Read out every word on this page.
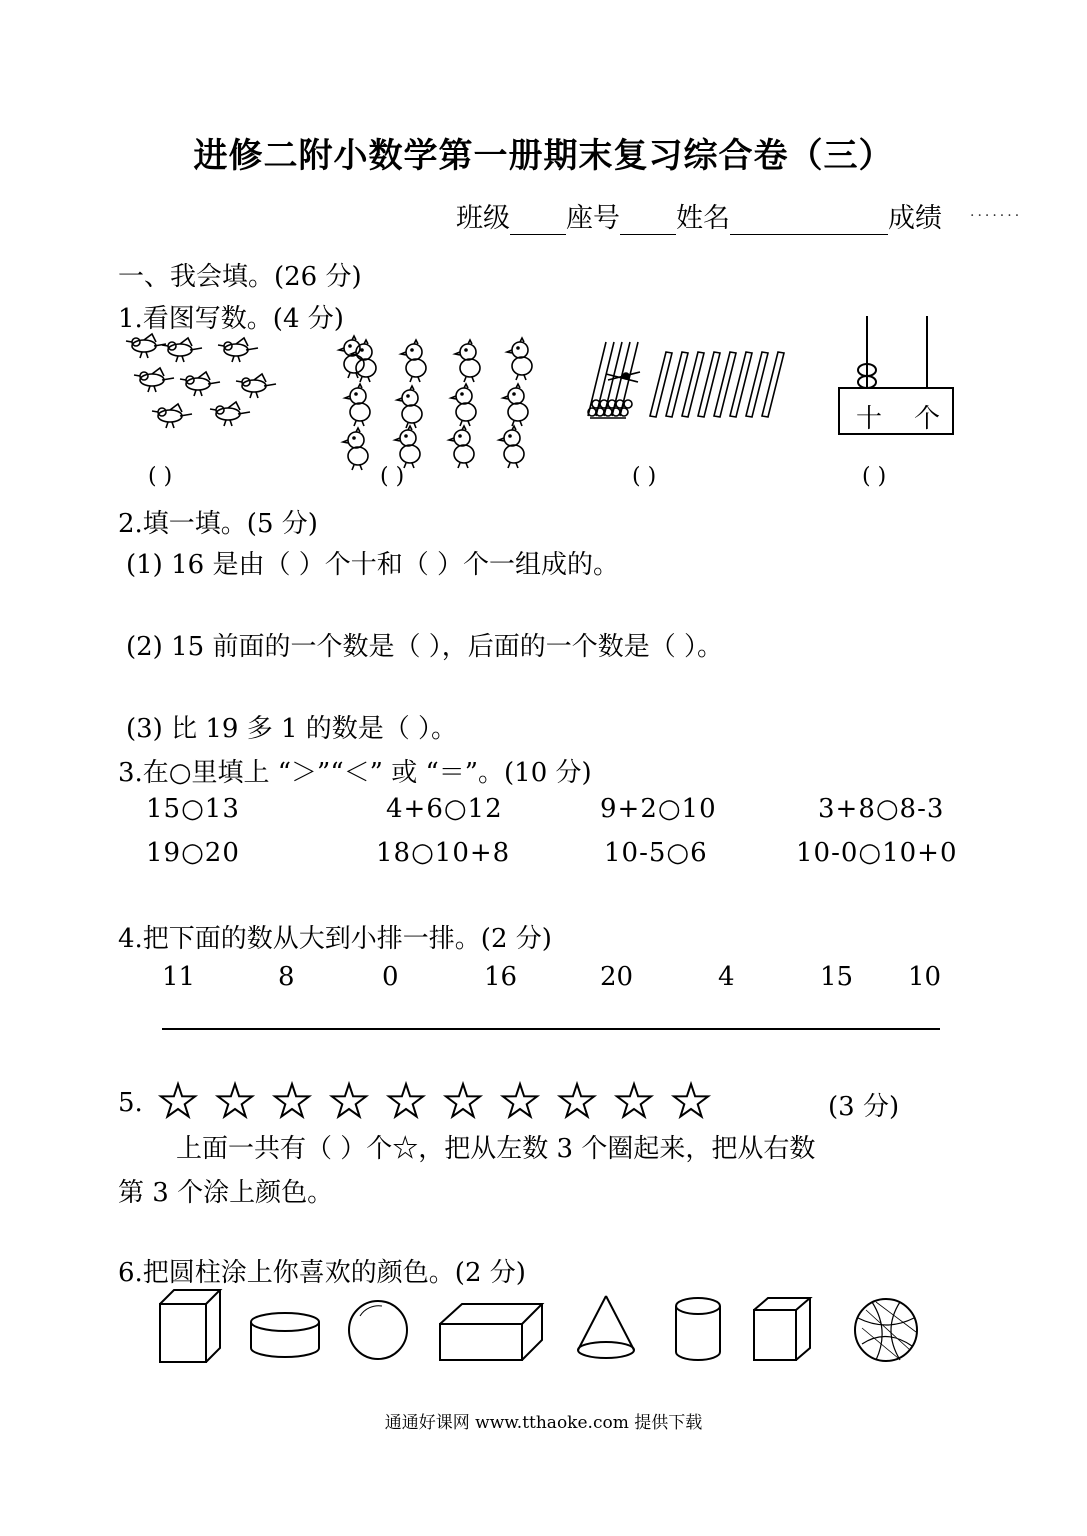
进修二附小数学第一册期末复习综合卷（三）
班级 座号 姓名	成绩 ·······
一、我会填。(26 分)
1.看图写数。(4 分)
十 个
( )	( )	( )	( )
2.填一填。(5 分)
(1) 16 是由（ ）个十和（ ）个一组成的。
(2) 15 前面的一个数是（ ），后面的一个数是（ ）。
(3) 比 19 多 1 的数是（ ）。
3.在○里填上 “＞”“＜” 或 “＝”。(10 分)
15○13	4+6○12	9+2○10	3+8○8-3
19○20	18○10+8	10-5○6	10-0○10+0
4.把下面的数从大到小排一排。(2 分)
11	8	0	16	20	4	15 10
5.	(3 分)
上面一共有（ ）个☆，把从左数 3 个圈起来，把从右数
第 3 个涂上颜色。
6.把圆柱涂上你喜欢的颜色。(2 分)
通通好课网 www.tthaoke.com 提供下载
